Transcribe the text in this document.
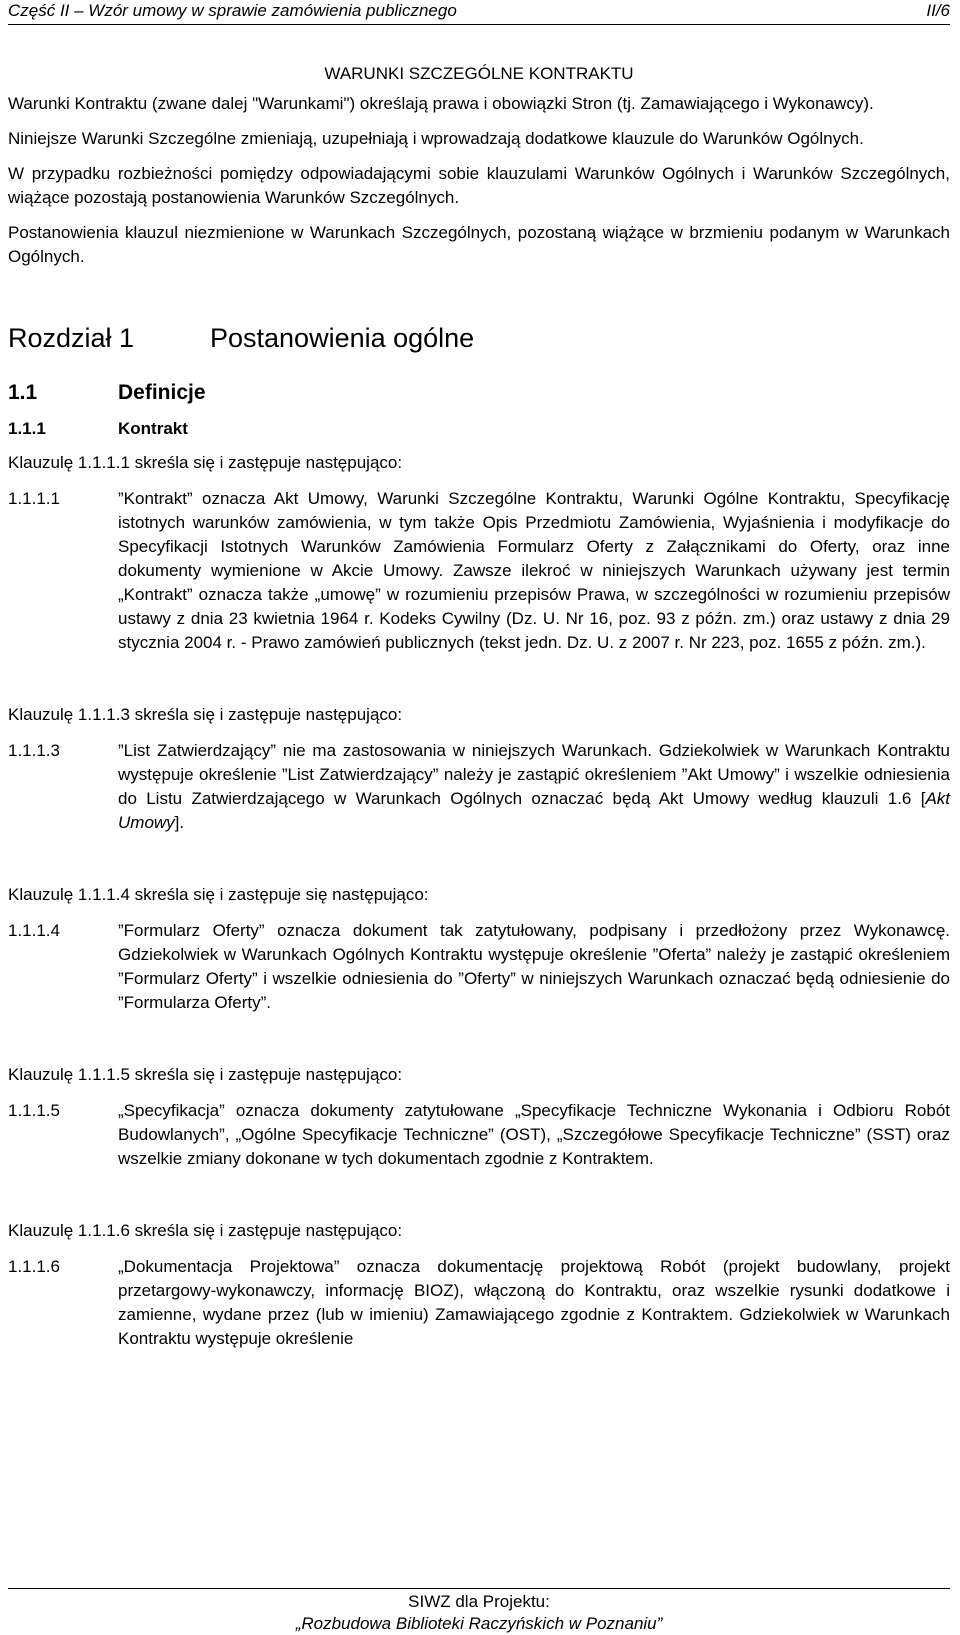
Część II – Wzór umowy w sprawie zamówienia publicznego	II/6
WARUNKI SZCZEGÓLNE KONTRAKTU
Warunki Kontraktu (zwane dalej "Warunkami") określają prawa i obowiązki Stron (tj. Zamawiającego i Wykonawcy).
Niniejsze Warunki Szczególne zmieniają, uzupełniają i wprowadzają dodatkowe klauzule do Warunków Ogólnych.
W przypadku rozbieżności pomiędzy odpowiadającymi sobie klauzulami Warunków Ogólnych i Warunków Szczególnych, wiążące pozostają postanowienia Warunków Szczególnych.
Postanowienia klauzul niezmienione w Warunkach Szczególnych, pozostaną wiążące w brzmieniu podanym w Warunkach Ogólnych.
Rozdział 1	Postanowienia ogólne
1.1	Definicje
1.1.1	Kontrakt
Klauzulę 1.1.1.1 skreśla się i zastępuje następująco:
1.1.1.1	”Kontrakt” oznacza Akt Umowy, Warunki Szczególne Kontraktu, Warunki Ogólne Kontraktu, Specyfikację istotnych warunków zamówienia, w tym także Opis Przedmiotu Zamówienia, Wyjaśnienia i modyfikacje do Specyfikacji Istotnych Warunków Zamówienia Formularz Oferty z Załącznikami do Oferty, oraz inne dokumenty wymienione w Akcie Umowy. Zawsze ilekroć w niniejszych Warunkach używany jest termin „Kontrakt” oznacza także „umowę” w rozumieniu przepisów Prawa, w szczególności w rozumieniu przepisów ustawy z dnia 23 kwietnia 1964 r. Kodeks Cywilny (Dz. U. Nr 16, poz. 93 z późn. zm.) oraz ustawy z dnia 29 stycznia 2004 r. - Prawo zamówień publicznych (tekst jedn. Dz. U. z 2007 r. Nr 223, poz. 1655 z późn. zm.).
Klauzulę 1.1.1.3 skreśla się i zastępuje następująco:
1.1.1.3	”List Zatwierdzający” nie ma zastosowania w niniejszych Warunkach. Gdziekolwiek w Warunkach Kontraktu występuje określenie ”List Zatwierdzający” należy je zastąpić określeniem ”Akt Umowy” i wszelkie odniesienia do Listu Zatwierdzającego w Warunkach Ogólnych oznaczać będą Akt Umowy według klauzuli 1.6 [Akt Umowy].
Klauzulę 1.1.1.4 skreśla się i zastępuje się następująco:
1.1.1.4	”Formularz Oferty” oznacza dokument tak zatytułowany, podpisany i przedłożony przez Wykonawcę. Gdziekolwiek w Warunkach Ogólnych Kontraktu występuje określenie ”Oferta” należy je zastąpić określeniem ”Formularz Oferty” i wszelkie odniesienia do ”Oferty” w niniejszych Warunkach oznaczać będą odniesienie do ”Formularza Oferty”.
Klauzulę 1.1.1.5 skreśla się i zastępuje następująco:
1.1.1.5	„Specyfikacja” oznacza dokumenty zatytułowane „Specyfikacje Techniczne Wykonania i Odbioru Robót Budowlanych”, „Ogólne Specyfikacje Techniczne” (OST), „Szczegółowe Specyfikacje Techniczne” (SST) oraz wszelkie zmiany dokonane w tych dokumentach zgodnie z Kontraktem.
Klauzulę 1.1.1.6 skreśla się i zastępuje następująco:
1.1.1.6	„Dokumentacja Projektowa” oznacza dokumentację projektową Robót (projekt budowlany, projekt przetargowy-wykonawczy, informację BIOZ), włączoną do Kontraktu, oraz wszelkie rysunki dodatkowe i zamienne, wydane przez (lub w imieniu) Zamawiającego zgodnie z Kontraktem. Gdziekolwiek w Warunkach Kontraktu występuje określenie
SIWZ dla Projektu:
„Rozbudowa Biblioteki Raczyńskich w Poznaniu”
